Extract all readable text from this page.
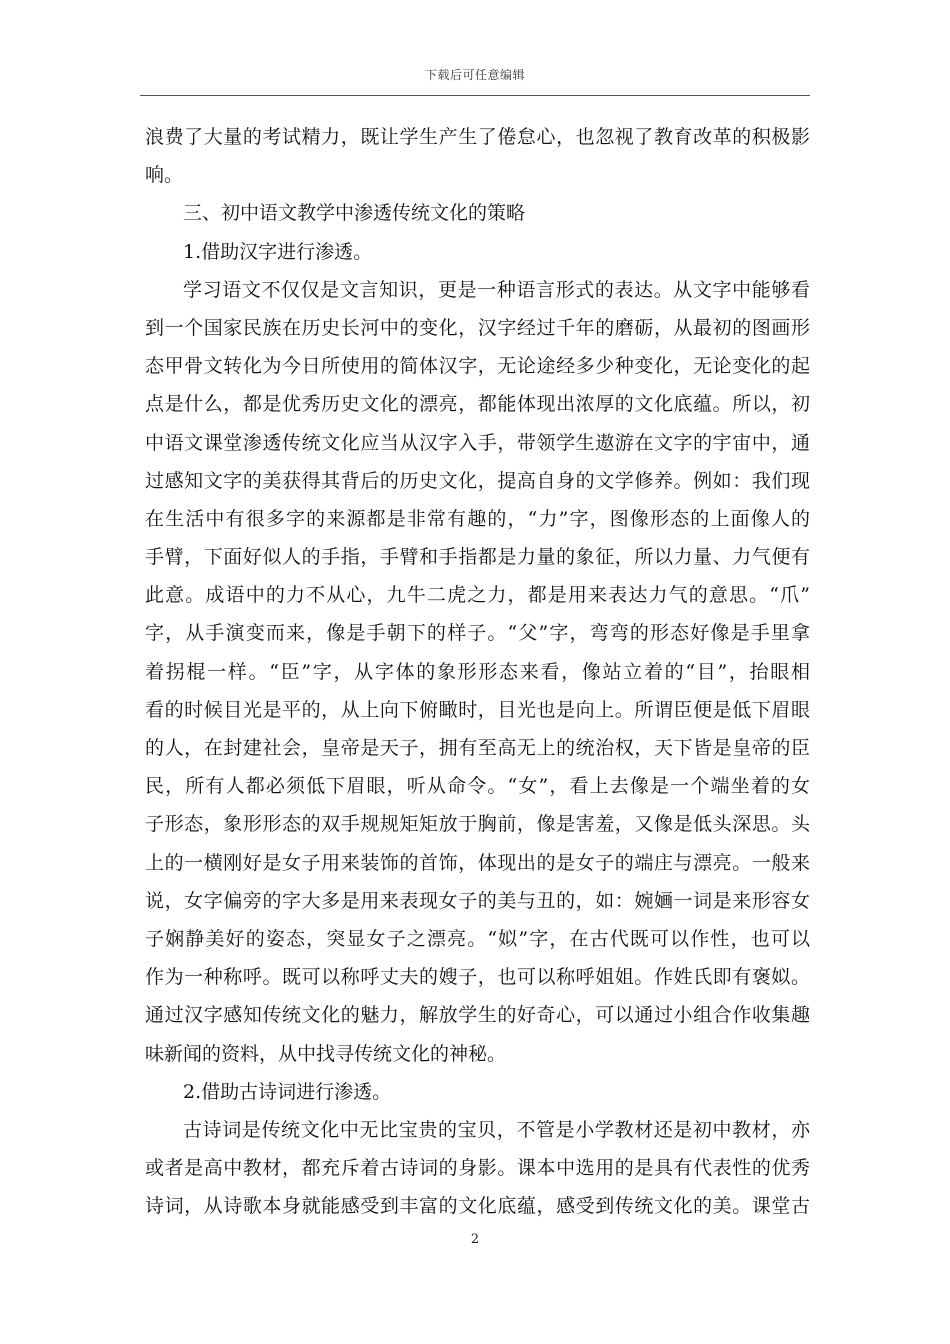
下载后可任意编辑
浪费了大量的考试精力，既让学生产生了倦怠心，也忽视了教育改革的积极影
响。
三、初中语文教学中渗透传统文化的策略
1.借助汉字进行渗透。
学习语文不仅仅是文言知识，更是一种语言形式的表达。从文字中能够看
到一个国家民族在历史长河中的变化，汉字经过千年的磨砺，从最初的图画形
态甲骨文转化为今日所使用的简体汉字，无论途经多少种变化，无论变化的起
点是什么，都是优秀历史文化的漂亮，都能体现出浓厚的文化底蕴。所以，初
中语文课堂渗透传统文化应当从汉字入手，带领学生遨游在文字的宇宙中，通
过感知文字的美获得其背后的历史文化，提高自身的文学修养。例如：我们现
在生活中有很多字的来源都是非常有趣的，“力”字，图像形态的上面像人的
手臂，下面好似人的手指，手臂和手指都是力量的象征，所以力量、力气便有
此意。成语中的力不从心，九牛二虎之力，都是用来表达力气的意思。“爪”
字，从手演变而来，像是手朝下的样子。“父”字，弯弯的形态好像是手里拿
着拐棍一样。“臣”字，从字体的象形形态来看，像站立着的“目”，抬眼相
看的时候目光是平的，从上向下俯瞰时，目光也是向上。所谓臣便是低下眉眼
的人，在封建社会，皇帝是天子，拥有至高无上的统治权，天下皆是皇帝的臣
民，所有人都必须低下眉眼，听从命令。“女”，看上去像是一个端坐着的女
子形态，象形形态的双手规规矩矩放于胸前，像是害羞，又像是低头深思。头
上的一横刚好是女子用来装饰的首饰，体现出的是女子的端庄与漂亮。一般来
说，女字偏旁的字大多是用来表现女子的美与丑的，如：婉婳一词是来形容女
子娴静美好的姿态，突显女子之漂亮。“姒”字，在古代既可以作性，也可以
作为一种称呼。既可以称呼丈夫的嫂子，也可以称呼姐姐。作姓氏即有褒姒。
通过汉字感知传统文化的魅力，解放学生的好奇心，可以通过小组合作收集趣
味新闻的资料，从中找寻传统文化的神秘。
2.借助古诗词进行渗透。
古诗词是传统文化中无比宝贵的宝贝，不管是小学教材还是初中教材，亦
或者是高中教材，都充斥着古诗词的身影。课本中选用的是具有代表性的优秀
诗词，从诗歌本身就能感受到丰富的文化底蕴，感受到传统文化的美。课堂古
2
